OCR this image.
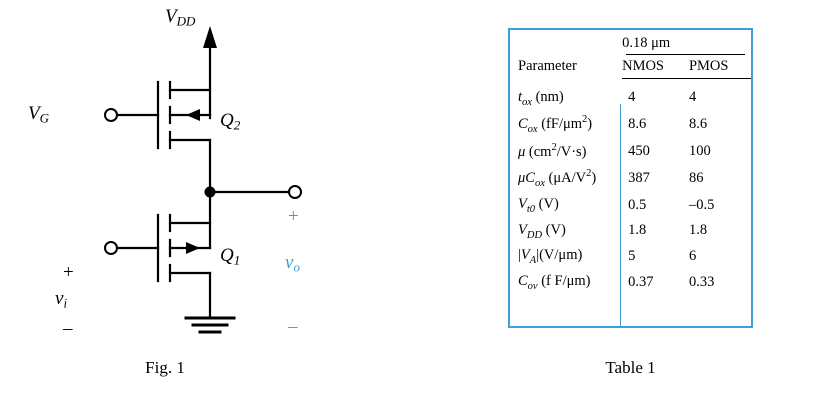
$V_{DD}$
$V_G$	$Q_2$
$Q_1$
+
$v_i$
–
+
$v_o$
–
Fig. 1
	0.18 μm	

Parameter	NMOS	PMOS

$t_{ox}$ (nm)	4	4
$C_{ox}$ $(fF/\mu m^2)$	8.6	8.6
μ $(cm^2/V\cdot s)$	450	100
$\mu C_{ox}$ $(\mu A/V^2)$	387	86
$V_{t0}$ (V)	0.5	–0.5
$V_{DD}$ (V)	1.8	1.8
$|V_A|(V/\mu m)$	5	6
$C_{ov}$ (f F/μm)	0.37	0.33
Table 1
